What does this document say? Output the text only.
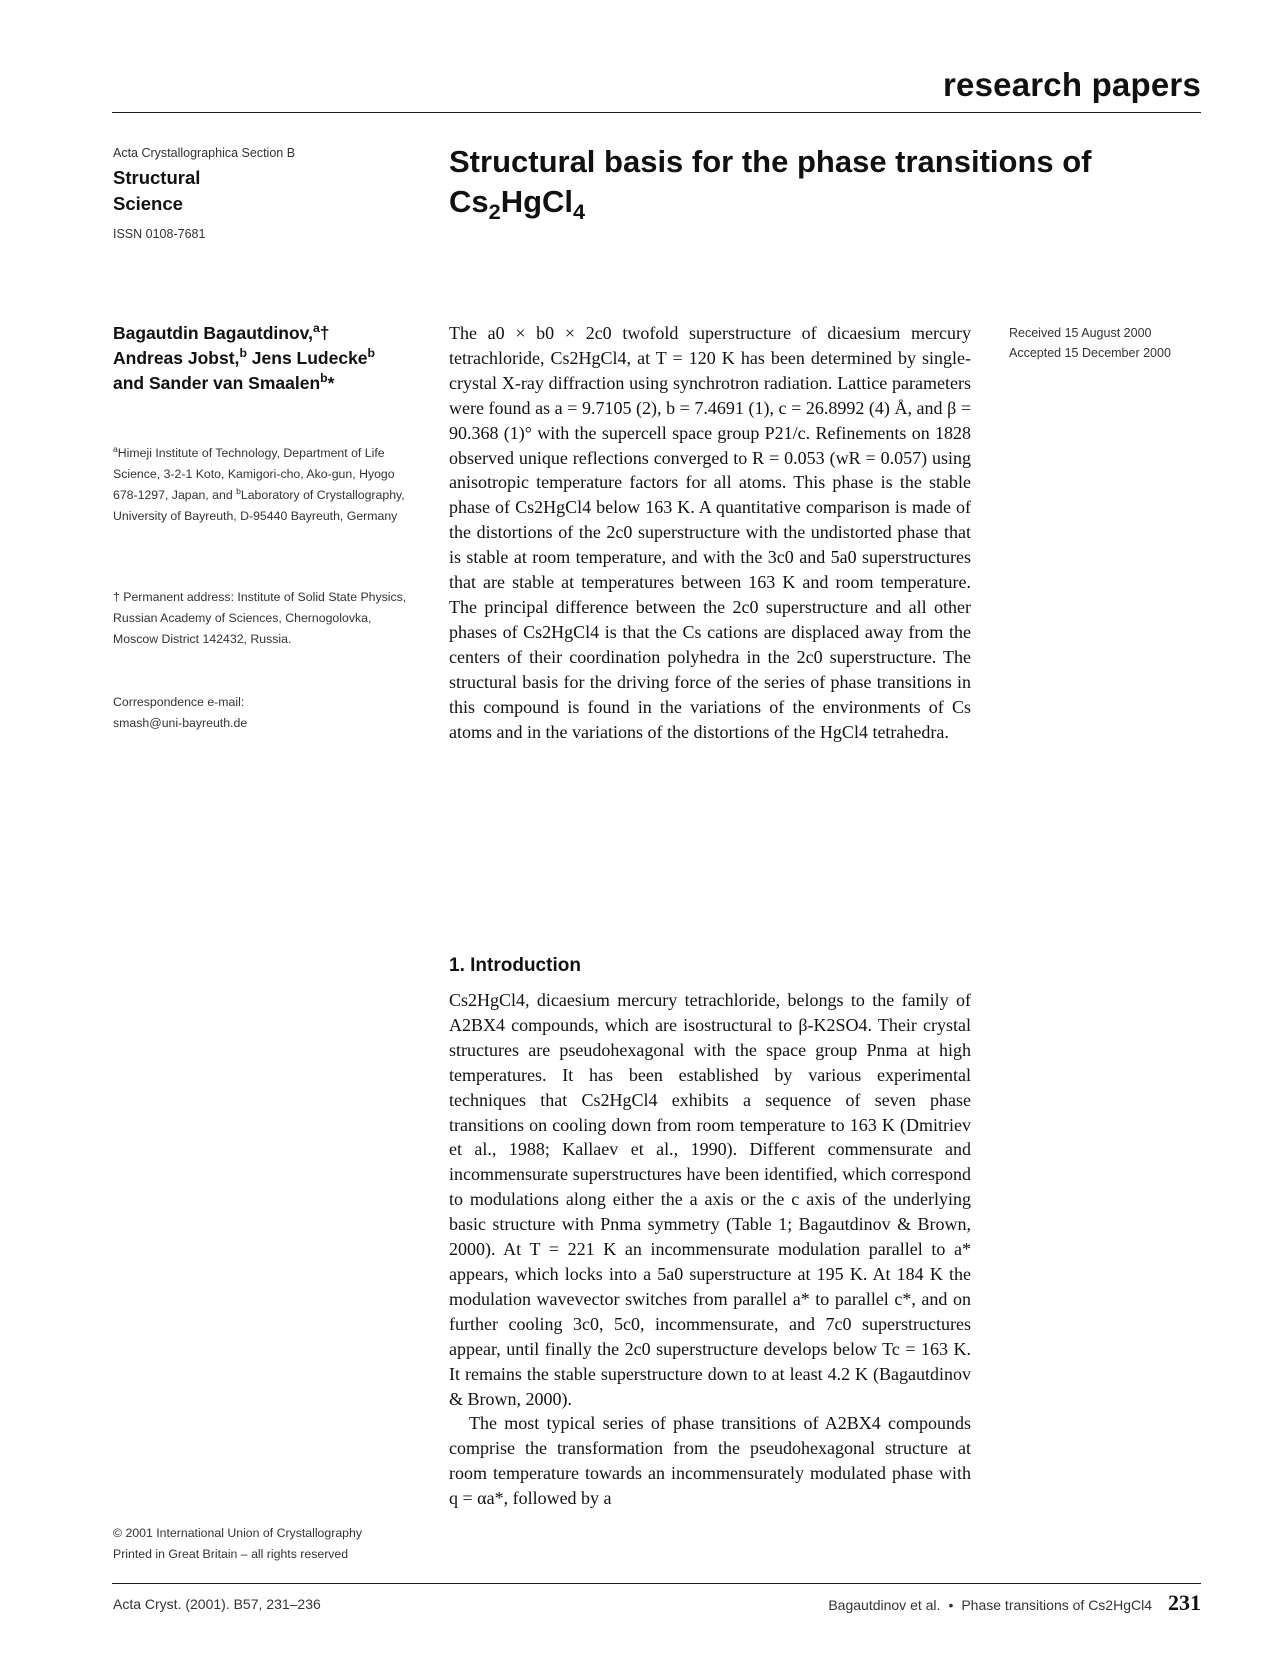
research papers
Acta Crystallographica Section B
Structural
Science
ISSN 0108-7681
Structural basis for the phase transitions of
$Cs_2HgCl_4$
Received 15 August 2000
Accepted 15 December 2000
Bagautdin Bagautdinov,$^a$†
Andreas Jobst,$^b$ Jens Ludecke$^b$
and Sander van Smaalen$^b$*
$^a$Himeji Institute of Technology, Department of Life Science, 3-2-1 Koto, Kamigori-cho, Ako-gun, Hyogo 678-1297, Japan, and $^b$Laboratory of Crystallography, University of Bayreuth, D-95440 Bayreuth, Germany
† Permanent address: Institute of Solid State Physics, Russian Academy of Sciences, Chernogolovka, Moscow District 142432, Russia.
Correspondence e-mail:
smash@uni-bayreuth.de
© 2001 International Union of Crystallography
Printed in Great Britain – all rights reserved

The a0 × b0 × 2c0 twofold superstructure of dicaesium mercury tetrachloride, Cs2HgCl4, at T = 120 K has been determined by single-crystal X-ray diffraction using synchrotron radiation. Lattice parameters were found as a = 9.7105 (2), b = 7.4691 (1), c = 26.8992 (4) Å, and β = 90.368 (1)° with the supercell space group P21/c. Refinements on 1828 observed unique reflections converged to R = 0.053 (wR = 0.057) using anisotropic temperature factors for all atoms. This phase is the stable phase of Cs2HgCl4 below 163 K. A quantitative comparison is made of the distortions of the 2c0 superstructure with the undistorted phase that is stable at room temperature, and with the 3c0 and 5a0 superstructures that are stable at temperatures between 163 K and room temperature. The principal difference between the 2c0 superstructure and all other phases of Cs2HgCl4 is that the Cs cations are displaced away from the centers of their coordination polyhedra in the 2c0 superstructure. The structural basis for the driving force of the series of phase transitions in this compound is found in the variations of the environments of Cs atoms and in the variations of the distortions of the HgCl4 tetrahedra.

1. Introduction

Cs2HgCl4, dicaesium mercury tetrachloride, belongs to the family of A2BX4 compounds, which are isostructural to β-K2SO4. Their crystal structures are pseudohexagonal with the space group Pnma at high temperatures. It has been established by various experimental techniques that Cs2HgCl4 exhibits a sequence of seven phase transitions on cooling down from room temperature to 163 K (Dmitriev et al., 1988; Kallaev et al., 1990). Different commensurate and incommensurate superstructures have been identified, which correspond to modulations along either the a axis or the c axis of the underlying basic structure with Pnma symmetry (Table 1; Bagautdinov & Brown, 2000). At T = 221 K an incommensurate modulation parallel to a* appears, which locks into a 5a0 superstructure at 195 K. At 184 K the modulation wavevector switches from parallel a* to parallel c*, and on further cooling 3c0, 5c0, incommensurate, and 7c0 superstructures appear, until finally the 2c0 superstructure develops below Tc = 163 K. It remains the stable superstructure down to at least 4.2 K (Bagautdinov & Brown, 2000).

The most typical series of phase transitions of A2BX4 compounds comprise the transformation from the pseudohexagonal structure at room temperature towards an incommensurately modulated phase with q = αa*, followed by a

Acta Cryst. (2001). B57, 231–236	Bagautdinov et al. • Phase transitions of Cs2HgCl4 231
